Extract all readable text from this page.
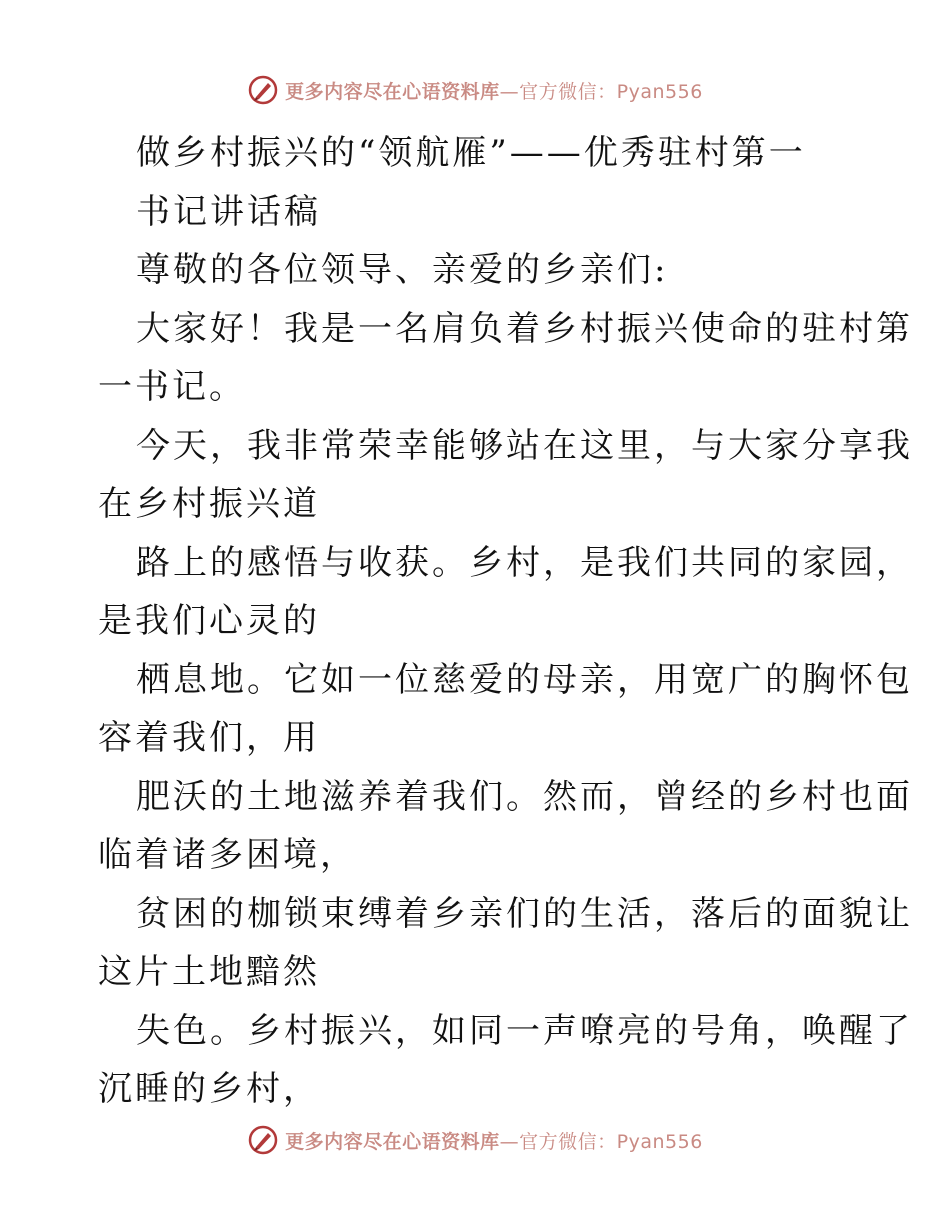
更多内容尽在心语资料库—官方微信：Pyan556
做乡村振兴的“领航雁”——优秀驻村第一
书记讲话稿
尊敬的各位领导、亲爱的乡亲们:
大家好！我是一名肩负着乡村振兴使命的驻村第
一书记。
今天，我非常荣幸能够站在这里，与大家分享我
在乡村振兴道
路上的感悟与收获。乡村，是我们共同的家园，
是我们心灵的
栖息地。它如一位慈爱的母亲，用宽广的胸怀包
容着我们，用
肥沃的土地滋养着我们。然而，曾经的乡村也面
临着诸多困境，
贫困的枷锁束缚着乡亲们的生活，落后的面貌让
这片土地黯然
失色。乡村振兴，如同一声嘹亮的号角，唤醒了
沉睡的乡村，
更多内容尽在心语资料库—官方微信：Pyan556
